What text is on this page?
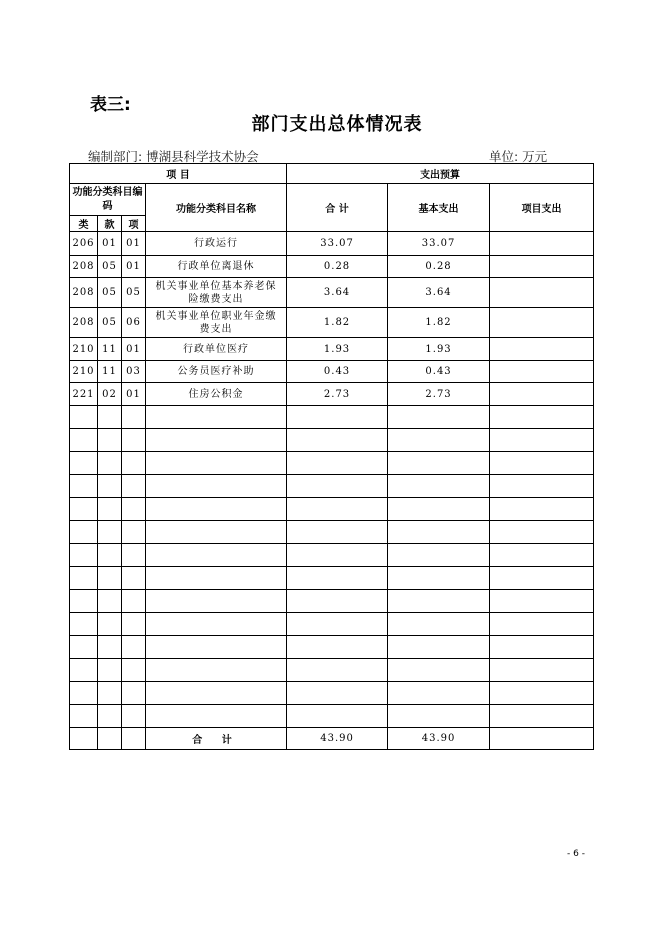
表三:
部门支出总体情况表
编制部门: 博湖县科学技术协会	单位: 万元
项 目				支出预算		
功能分类科目编码			功能分类科目名称	合 计	基本支出	项目支出
类	款	项				
206	01	01	行政运行	33.07	33.07	
208	05	01	行政单位离退休	0.28	0.28	
208	05	05	机关事业单位基本养老保险缴费支出	3.64	3.64	
208	05	06	机关事业单位职业年金缴费支出	1.82	1.82	
210	11	01	行政单位医疗	1.93	1.93	
210	11	03	公务员医疗补助	0.43	0.43	
221	02	01	住房公积金	2.73	2.73	

			合 计	43.90	43.90	
- 6 -
